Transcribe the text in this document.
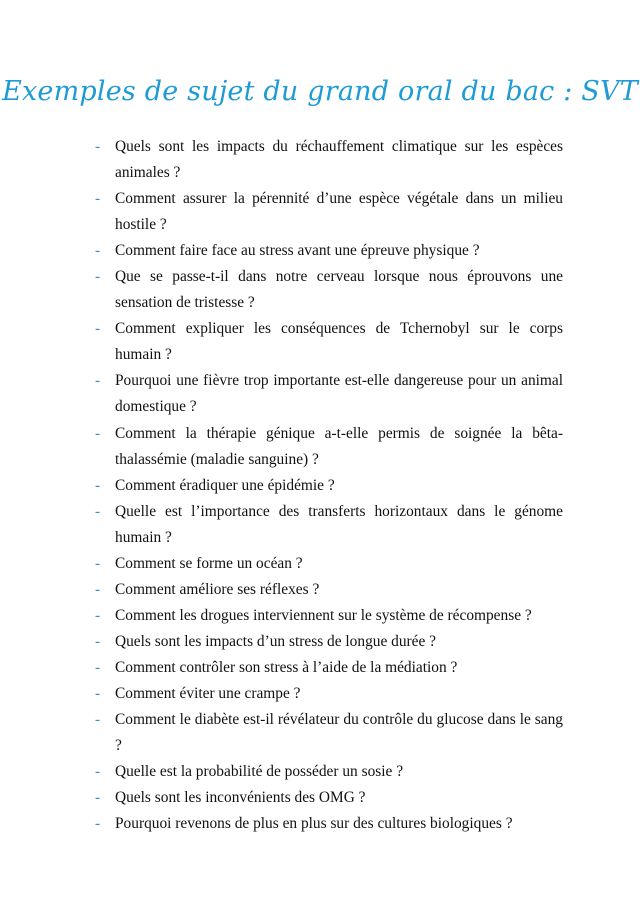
Exemples de sujet du grand oral du bac : SVT
- Quels sont les impacts du réchauffement climatique sur les espèces animales ?
- Comment assurer la pérennité d’une espèce végétale dans un milieu hostile ?
- Comment faire face au stress avant une épreuve physique ?
- Que se passe-t-il dans notre cerveau lorsque nous éprouvons une sensation de tristesse ?
- Comment expliquer les conséquences de Tchernobyl sur le corps humain ?
- Pourquoi une fièvre trop importante est-elle dangereuse pour un animal domestique ?
- Comment la thérapie génique a-t-elle permis de soignée la bêta-thalassémie (maladie sanguine) ?
- Comment éradiquer une épidémie ?
- Quelle est l’importance des transferts horizontaux dans le génome humain ?
- Comment se forme un océan ?
- Comment améliore ses réflexes ?
- Comment les drogues interviennent sur le système de récompense ?
- Quels sont les impacts d’un stress de longue durée ?
- Comment contrôler son stress à l’aide de la médiation ?
- Comment éviter une crampe ?
- Comment le diabète est-il révélateur du contrôle du glucose dans le sang ?
- Quelle est la probabilité de posséder un sosie ?
- Quels sont les inconvénients des OMG ?
- Pourquoi revenons de plus en plus sur des cultures biologiques ?
